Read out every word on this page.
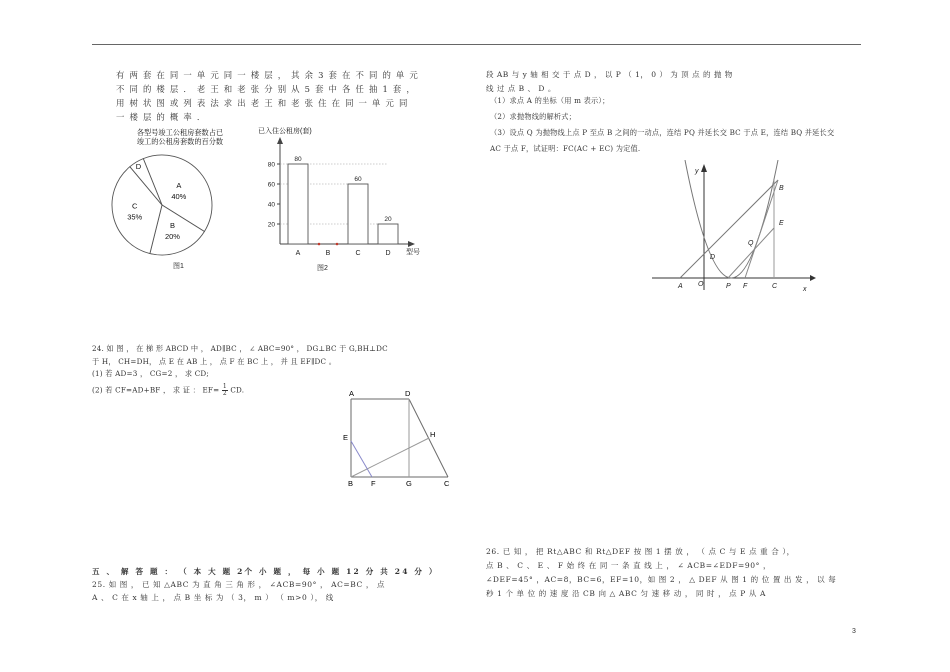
有两套在同一单元同一楼层，其余3套在不同的单元
不同的楼层．老王和老张分别从5套中各任抽1套，
用树状图或列表法求出老王和老张住在同一单元同
一楼层的概率．
各型号竣工公租房套数占已
竣工的公租房套数的百分数
A
40%
B
20%
C
35%
D
图1
20
40
60
80
80
A	B
60
C
20
D
已入住公租房(套)
型号
图2
24. 如 图 ， 在 梯 形 ABCD 中 ， AD∥BC ， ∠ ABC=90° ， DG⊥BC 于 G,BH⊥DC
于 H， CH=DH， 点 E 在 AB 上 ， 点 F 在 BC 上 ， 并 且 EF∥DC 。
(1) 若 AD=3 ， CG=2 ， 求 CD;
(2) 若 CF=AD+BF ， 求 证 ： $EF= \frac{1}{2}$ CD.	A	D
E	H
B F	G	C
五 、 解 答 题 ： （ 本 大 题 2个 小 题 ， 每 小 题 12 分 共 24 分 ）
25. 如 图 ， 已 知 △ABC 为 直 角 三 角 形 ， ∠ACB=90° ， AC=BC ， 点
A 、 C 在 x 轴 上 ， 点 B 坐 标 为 （ 3， m ） （ m>0 ）， 线
段 AB 与 y 轴 相 交 于 点 D ， 以 P （ 1， 0 ） 为 顶 点 的 抛 物
线 过 点 B 、 D 。
（1）求点 A 的坐标（用 m 表示）；
（2）求抛物线的解析式；
（3）设点 Q 为抛物线上点 P 至点 B 之间的一动点，连结 PQ 并延长交 BC 于点 E，连结 BQ 并延长交
AC 于点 F，试证明：FC(AC + EC) 为定值.
y
x
B
E
Q
D
A O	P F	C
26. 已 知 ， 把 Rt△ABC 和 Rt△DEF 按 图 1 摆 放 ， （ 点 C 与 E 点 重 合 ），
点 B 、 C 、 E 、 F 始 终 在 同 一 条 直 线 上 ， ∠ ACB=∠EDF=90° ，
∠DEF=45° ，AC=8，BC=6，EF=10，如 图 2 ， △ DEF 从 图 1 的 位 置 出 发 ， 以 每
秒 1 个 单 位 的 速 度 沿 CB 向 △ ABC 匀 速 移 动 ， 同 时 ， 点 P 从 A
3
